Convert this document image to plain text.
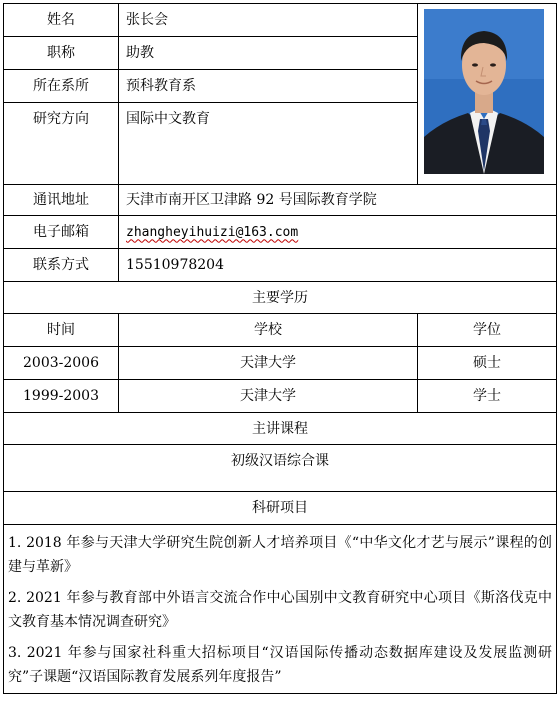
姓名	张长会	

职称	助教	
所在系所	预科教育系	
研究方向	国际中文教育	

通讯地址	天津市南开区卫津路 92 号国际教育学院	
电子邮箱	zhangheyihuizi@163.com	
联系方式	15510978204	
主要学历		
时间	学校	学位
2003-2006	天津大学	硕士
1999-2003	天津大学	学士
主讲课程		
初级汉语综合课		
科研项目		

1. 2018 年参与天津大学研究生院创新人才培养项目《“中华文化才艺与展示”课程的创建与革新》

2. 2021 年参与教育部中外语言交流合作中心国别中文教育研究中心项目《斯洛伐克中文教育基本情况调查研究》

3. 2021 年参与国家社科重大招标项目“汉语国际传播动态数据库建设及发展监测研究”子课题“汉语国际教育发展系列年度报告”		
